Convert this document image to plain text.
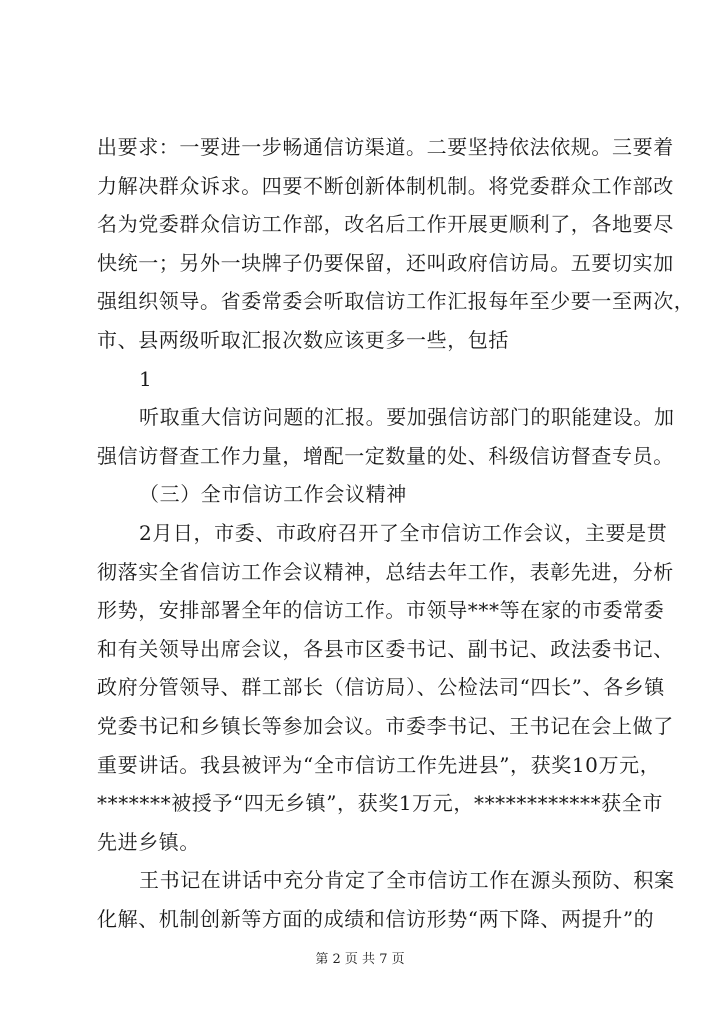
出要求：一要进一步畅通信访渠道。二要坚持依法依规。三要着
力解决群众诉求。四要不断创新体制机制。将党委群众工作部改
名为党委群众信访工作部，改名后工作开展更顺利了，各地要尽
快统一；另外一块牌子仍要保留，还叫政府信访局。五要切实加
强组织领导。省委常委会听取信访工作汇报每年至少要一至两次，
市、县两级听取汇报次数应该更多一些，包括

1

听取重大信访问题的汇报。要加强信访部门的职能建设。加
强信访督查工作力量，增配一定数量的处、科级信访督查专员。

（三）全市信访工作会议精神

2月日，市委、市政府召开了全市信访工作会议，主要是贯
彻落实全省信访工作会议精神，总结去年工作，表彰先进，分析
形势，安排部署全年的信访工作。市领导***等在家的市委常委
和有关领导出席会议，各县市区委书记、副书记、政法委书记、
政府分管领导、群工部长（信访局）、公检法司“四长”、各乡镇
党委书记和乡镇长等参加会议。市委李书记、王书记在会上做了
重要讲话。我县被评为“全市信访工作先进县”，获奖10万元，
*******被授予“四无乡镇”，获奖1万元，************获全市
先进乡镇。

王书记在讲话中充分肯定了全市信访工作在源头预防、积案
化解、机制创新等方面的成绩和信访形势“两下降、两提升”的

第 2 页 共 7 页
